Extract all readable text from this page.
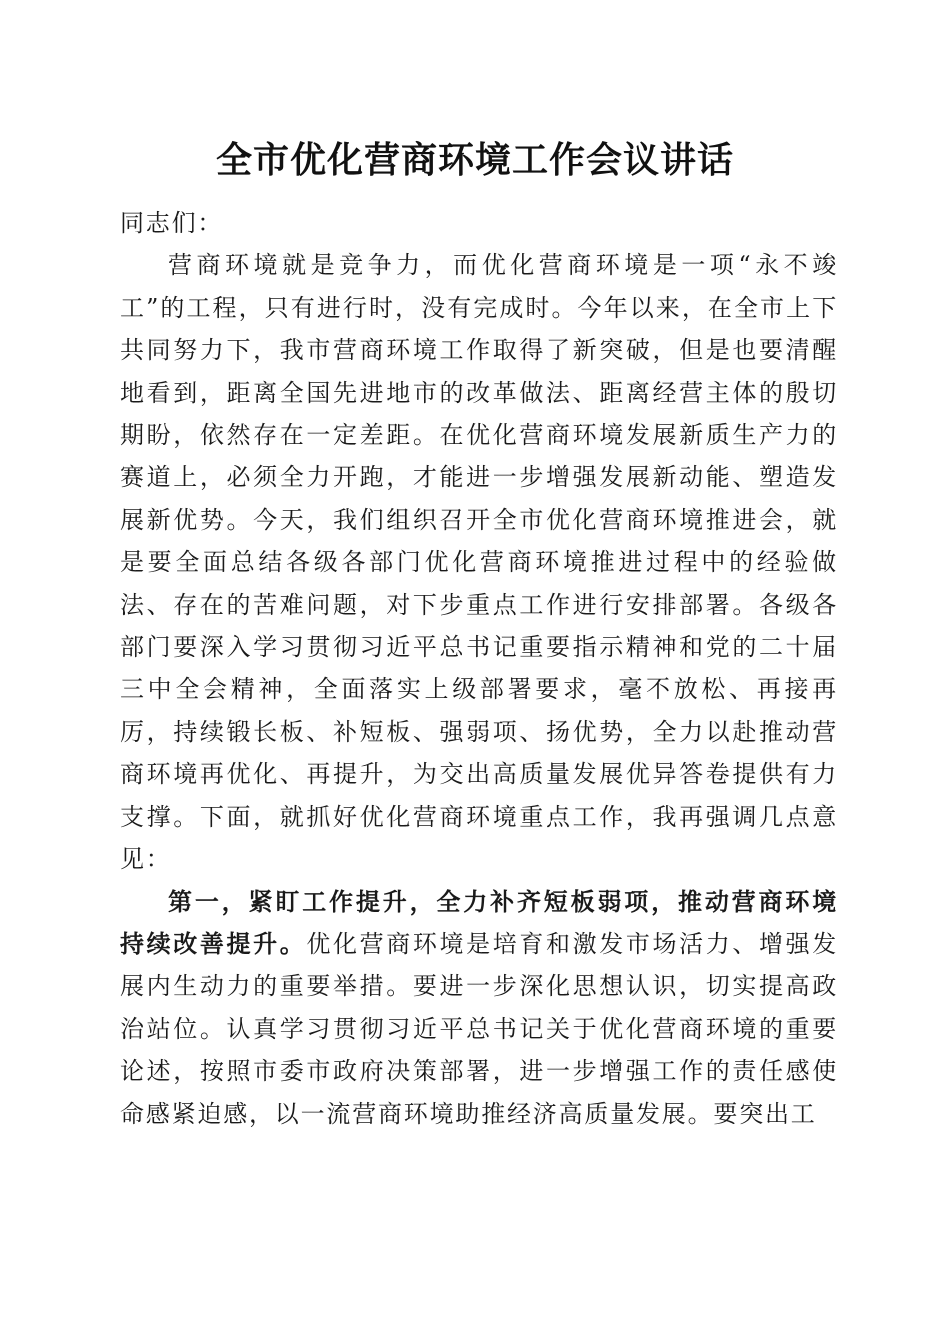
全市优化营商环境工作会议讲话

同志们：

营商环境就是竞争力，而优化营商环境是一项“永不竣工”的工程，只有进行时，没有完成时。今年以来，在全市上下共同努力下，我市营商环境工作取得了新突破，但是也要清醒地看到，距离全国先进地市的改革做法、距离经营主体的殷切期盼，依然存在一定差距。在优化营商环境发展新质生产力的赛道上，必须全力开跑，才能进一步增强发展新动能、塑造发展新优势。今天，我们组织召开全市优化营商环境推进会，就是要全面总结各级各部门优化营商环境推进过程中的经验做法、存在的苦难问题，对下步重点工作进行安排部署。各级各部门要深入学习贯彻习近平总书记重要指示精神和党的二十届三中全会精神，全面落实上级部署要求，毫不放松、再接再厉，持续锻长板、补短板、强弱项、扬优势，全力以赴推动营商环境再优化、再提升，为交出高质量发展优异答卷提供有力支撑。下面，就抓好优化营商环境重点工作，我再强调几点意见：

第一，紧盯工作提升，全力补齐短板弱项，推动营商环境持续改善提升。优化营商环境是培育和激发市场活力、增强发展内生动力的重要举措。要进一步深化思想认识，切实提高政治站位。认真学习贯彻习近平总书记关于优化营商环境的重要论述，按照市委市政府决策部署，进一步增强工作的责任感使命感紧迫感，以一流营商环境助推经济高质量发展。要突出工
